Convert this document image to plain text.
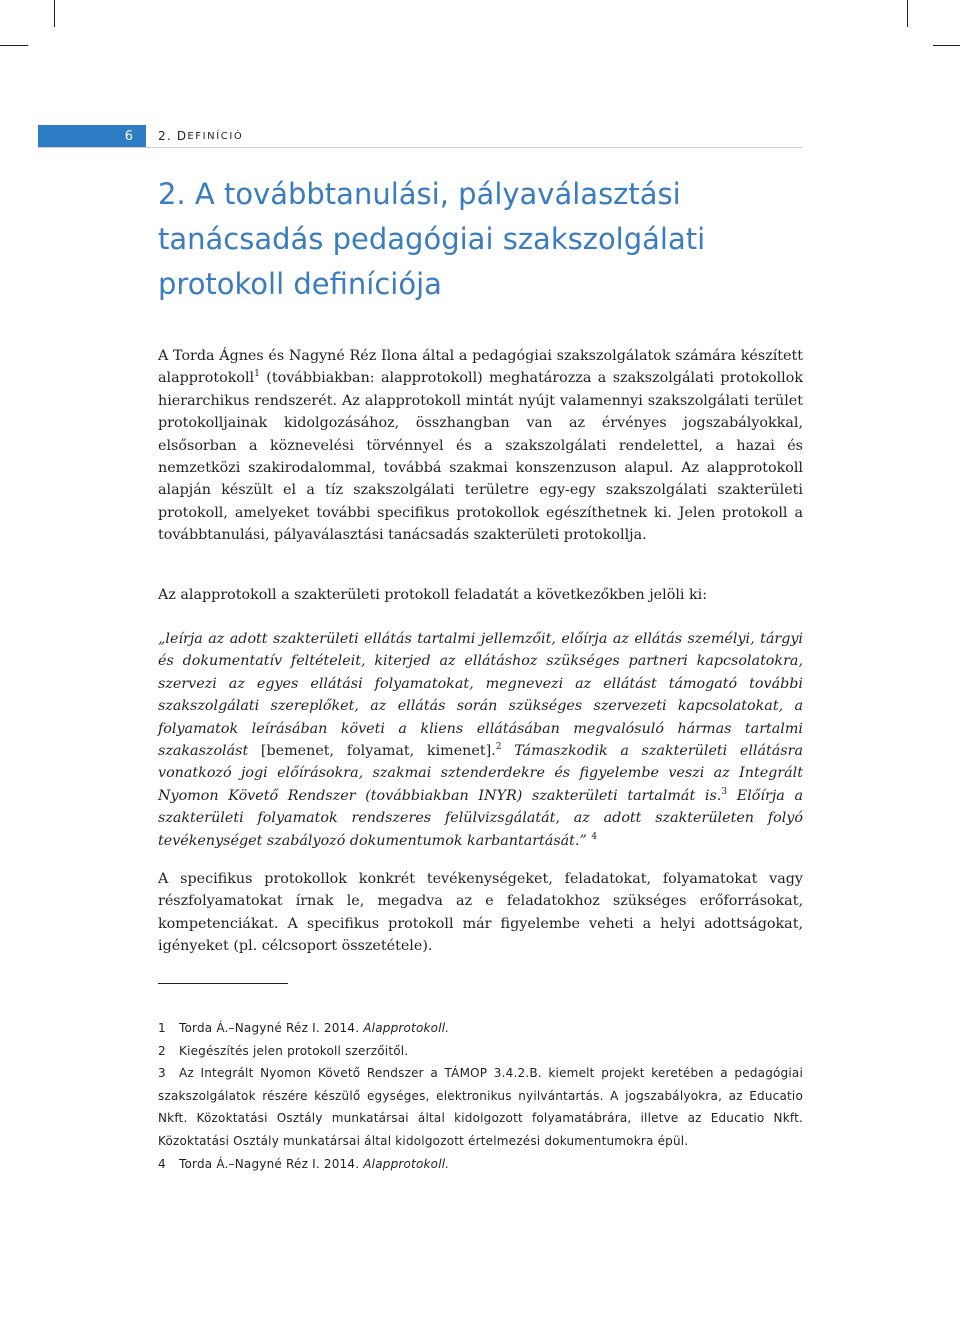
6	2.
D EFINÍCIÓ
2. A továbbtanulási, pályaválasztási tanácsadás pedagógiai szakszolgálati protokoll definíciója

A Torda Ágnes és Nagyné Réz Ilona által a pedagógiai szakszolgálatok számára készített alapprotokoll$^1$ (továbbiakban: alapprotokoll) meghatározza a szakszolgálati protokollok hierarchikus rendszerét. Az alapprotokoll mintát nyújt valamennyi szakszolgálati terület protokolljainak kidolgozásához, összhangban van az érvényes jogszabályokkal, elsősorban a köznevelési törvénnyel és a szakszolgálati rendelettel, a hazai és nemzetközi szakirodalommal, továbbá szakmai konszenzuson alapul. Az alapprotokoll alapján készült el a tíz szakszolgálati területre egy-egy szakszolgálati szakterületi protokoll, amelyeket további specifikus protokollok egészíthetnek ki. Jelen protokoll a továbbtanulási, pályaválasztási tanácsadás szakterületi protokollja.

Az alapprotokoll a szakterületi protokoll feladatát a következőkben jelöli ki:

„leírja az adott szakterületi ellátás tartalmi jellemzőit, előírja az ellátás személyi, tárgyi és dokumentatív feltételeit, kiterjed az ellátáshoz szükséges partneri kapcsolatokra, szervezi az egyes ellátási folyamatokat, megnevezi az ellátást támogató további szakszolgálati szereplőket, az ellátás során szükséges szervezeti kapcsolatokat, a folyamatok leírásában követi a kliens ellátásában megvalósuló hármas tartalmi szakaszolást [bemenet, folyamat, kimenet].$^2$ Támaszkodik a szakterületi ellátásra vonatkozó jogi előírásokra, szakmai sztenderdekre és figyelembe veszi az Integrált Nyomon Követő Rendszer (továbbiakban INYR) szakterületi tartalmát is.$^3$ Előírja a szakterületi folyamatok rendszeres felülvizsgálatát, az adott szakterületen folyó tevékenységet szabályozó dokumentumok karbantartását.” $^4$

A specifikus protokollok konkrét tevékenységeket, feladatokat, folyamatokat vagy részfolyamatokat írnak le, megadva az e feladatokhoz szükséges erőforrásokat, kompetenciákat. A specifikus protokoll már figyelembe veheti a helyi adottságokat, igényeket (pl. célcsoport összetétele).

1 Torda Á.–Nagyné Réz I. 2014. Alapprotokoll.
2 Kiegészítés jelen protokoll szerzőitől.
3 Az Integrált Nyomon Követő Rendszer a TÁMOP 3.4.2.B. kiemelt projekt keretében a pedagógiai szakszolgálatok részére készülő egységes, elektronikus nyilvántartás. A jogszabályokra, az Educatio Nkft. Közoktatási Osztály munkatársai által kidolgozott folyamatábrára, illetve az Educatio Nkft. Közoktatási Osztály munkatársai által kidolgozott értelmezési dokumentumokra épül.
4 Torda Á.–Nagyné Réz I. 2014. Alapprotokoll.
